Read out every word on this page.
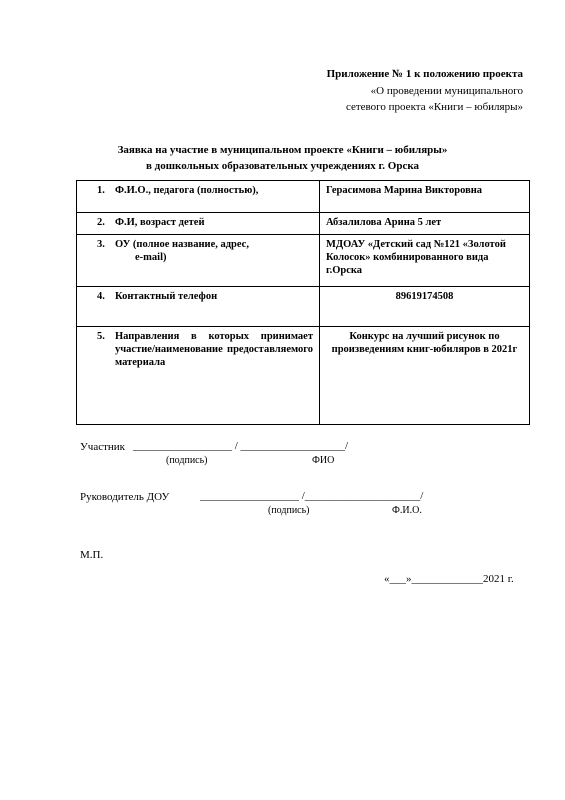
Приложение № 1 к положению проекта
«О проведении муниципального
сетевого проекта «Книги – юбиляры»
Заявка на участие в муниципальном проекте «Книги – юбиляры»
в дошкольных образовательных учреждениях г. Орска
1. Ф.И.О., педагога (полностью),	Герасимова Марина Викторовна
2. Ф.И, возраст детей	Абзалилова Арина 5 лет
3. ОУ (полное название, адрес,
e-mail)	МДОАУ «Детский сад №121 «Золотой Колосок» комбинированного вида г.Орска
4. Контактный телефон	89619174508

5. Направления в которых принимает участие/наименование предоставляемого материала	Конкурс на лучший рисунок по произведениям книг-юбиляров в 2021г
Участник __________________ / ___________________/
(подпись)	ФИО
Руководитель ДОУ	__________________ /_____________________/
(подпись)	Ф.И.О.
М.П.
«___»_____________2021 г.
